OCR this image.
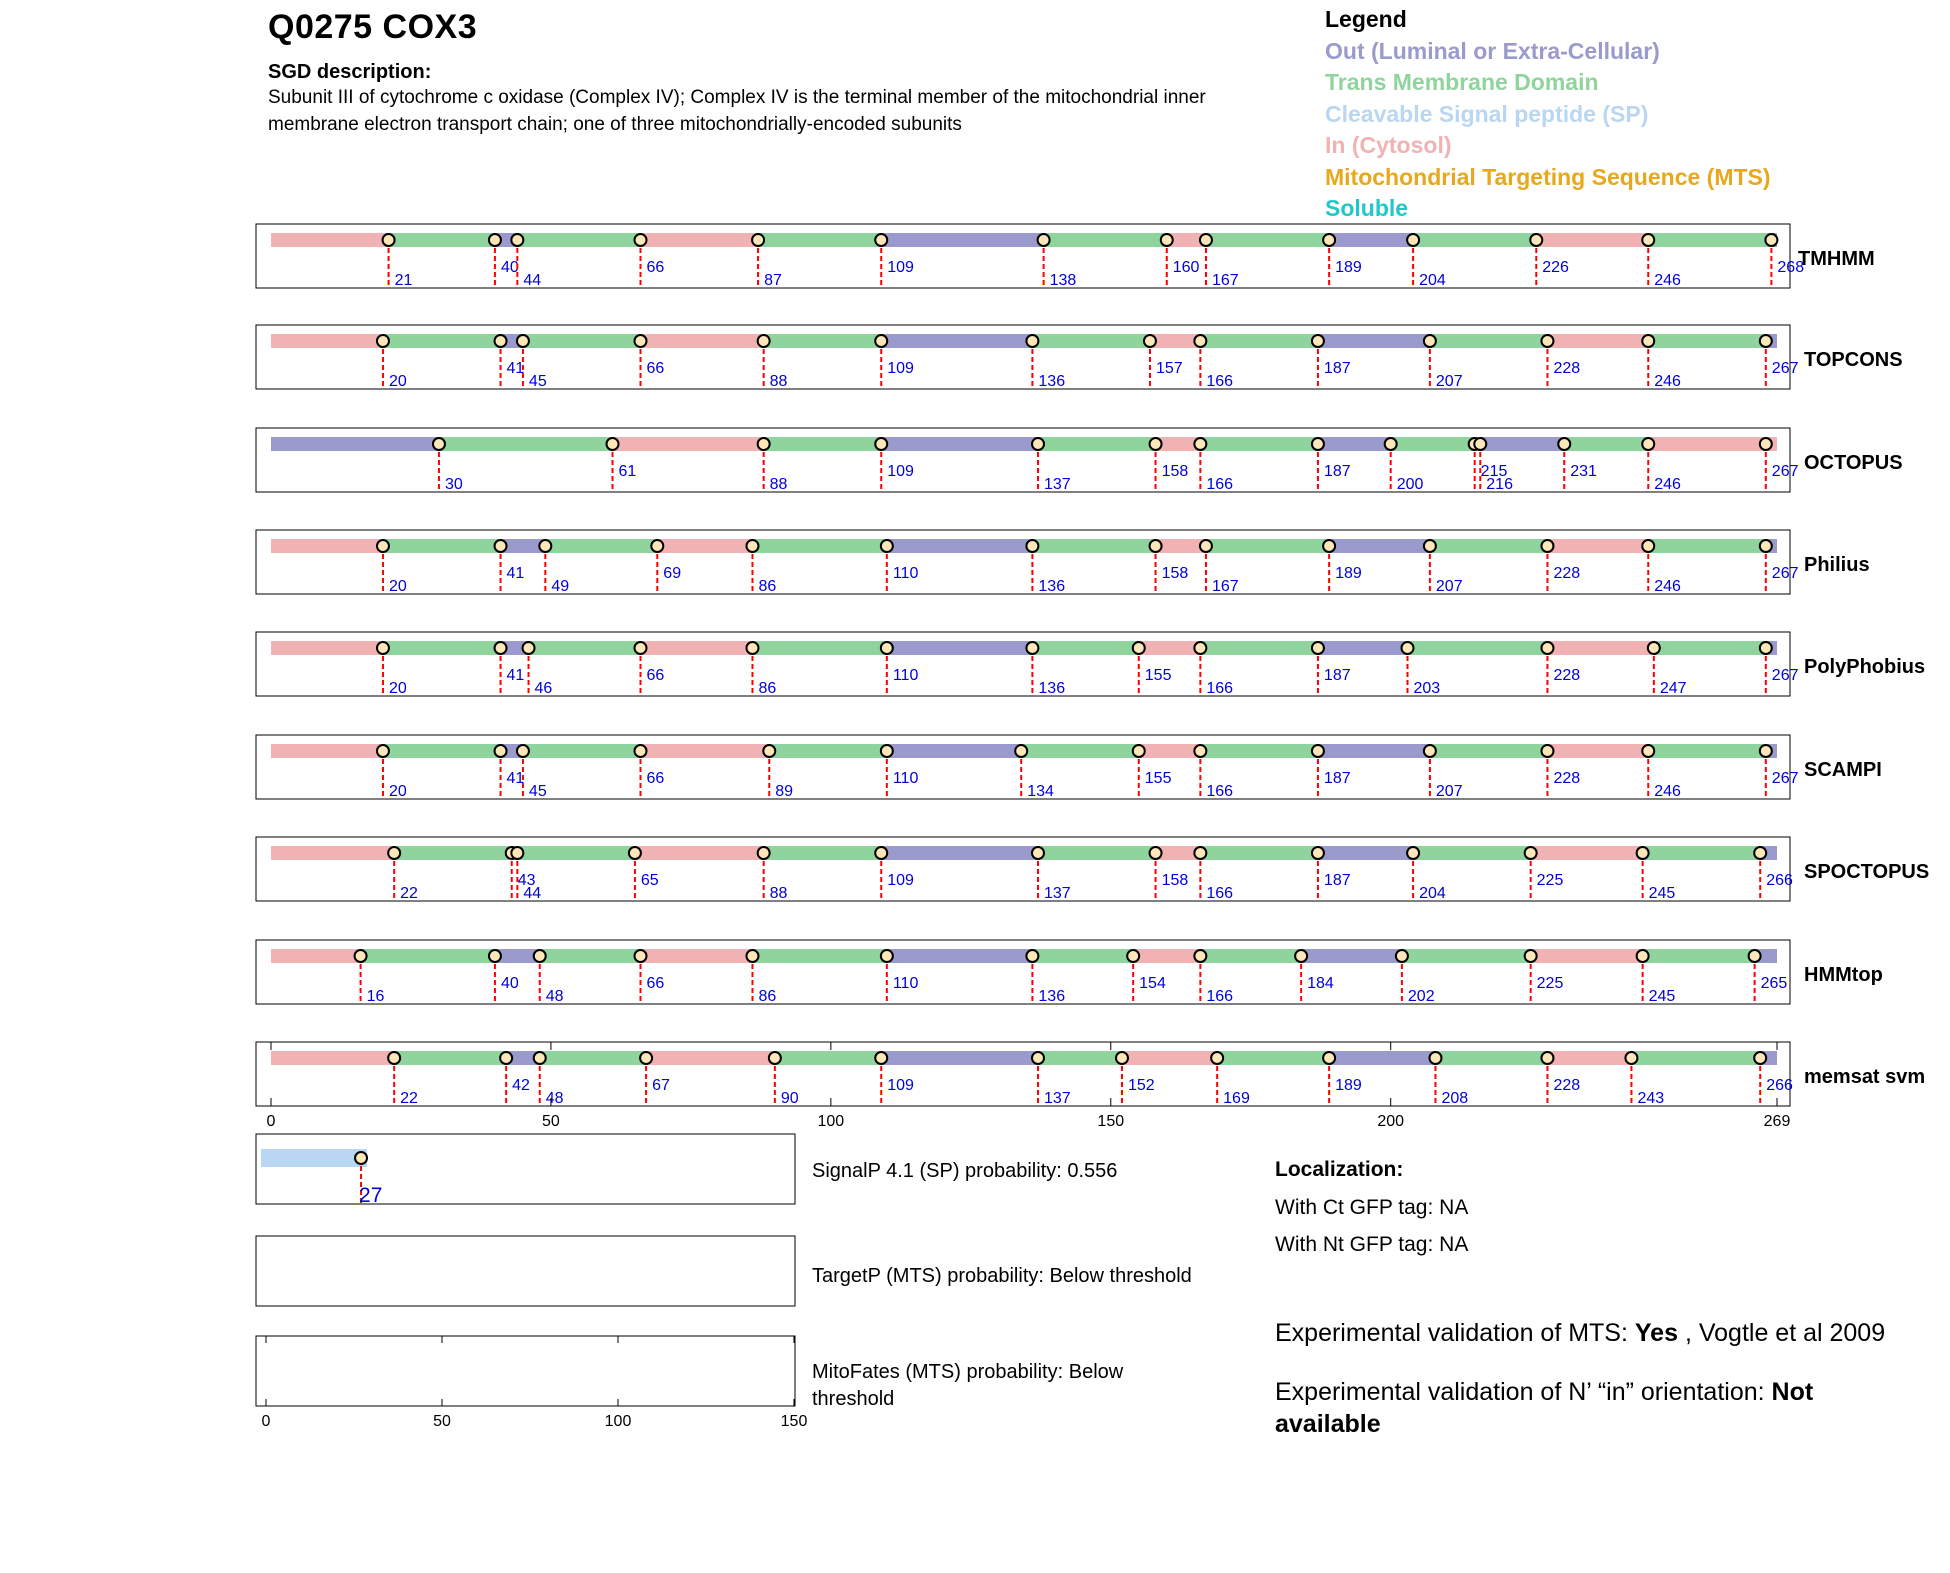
Q0275 COX3
SGD description:
Subunit III of cytochrome c oxidase (Complex IV); Complex IV is the terminal member of the mitochondrial inner membrane electron transport chain; one of three mitochondrially-encoded subunits
Legend
Out (Luminal or Extra-Cellular)
Trans Membrane Domain
Cleavable Signal peptide (SP)
In (Cytosol)
Mitochondrial Targeting Sequence (MTS)
Soluble
TMHMM
21
40
44
66
87
109
138
160
167
189
204
226
246
268
TOPCONS
20
41
45
66
88
109
136
157
166
187
207
228
246
267
OCTOPUS
30
61
88
109
137
158
166
187
200
215
216
231
246
267
Philius
20
41
49
69
86
110
136
158
167
189
207
228
246
267
PolyPhobius
20
41
46
66
86
110
136
155
166
187
203
228
247
267
SCAMPI
20
41
45
66
89
110
134
155
166
187
207
228
246
267
SPOCTOPUS
22
43
44
65
88
109
137
158
166
187
204
225
245
266
HMMtop
16
40
48
66
86
110
136
154
166
184
202
225
245
265
memsat svm
22
42
48
67
90
109
137
152
169
189
208
228
243
266
0	50	100	150	200	269
27
0	50	100	150
SignalP 4.1 (SP) probability: 0.556
TargetP (MTS) probability: Below threshold
MitoFates (MTS) probability: Below
threshold
Localization:
With Ct GFP tag: NA
With Nt GFP tag: NA
Experimental validation of MTS: Yes , Vogtle et al 2009
Experimental validation of N’ “in” orientation: Not
available
